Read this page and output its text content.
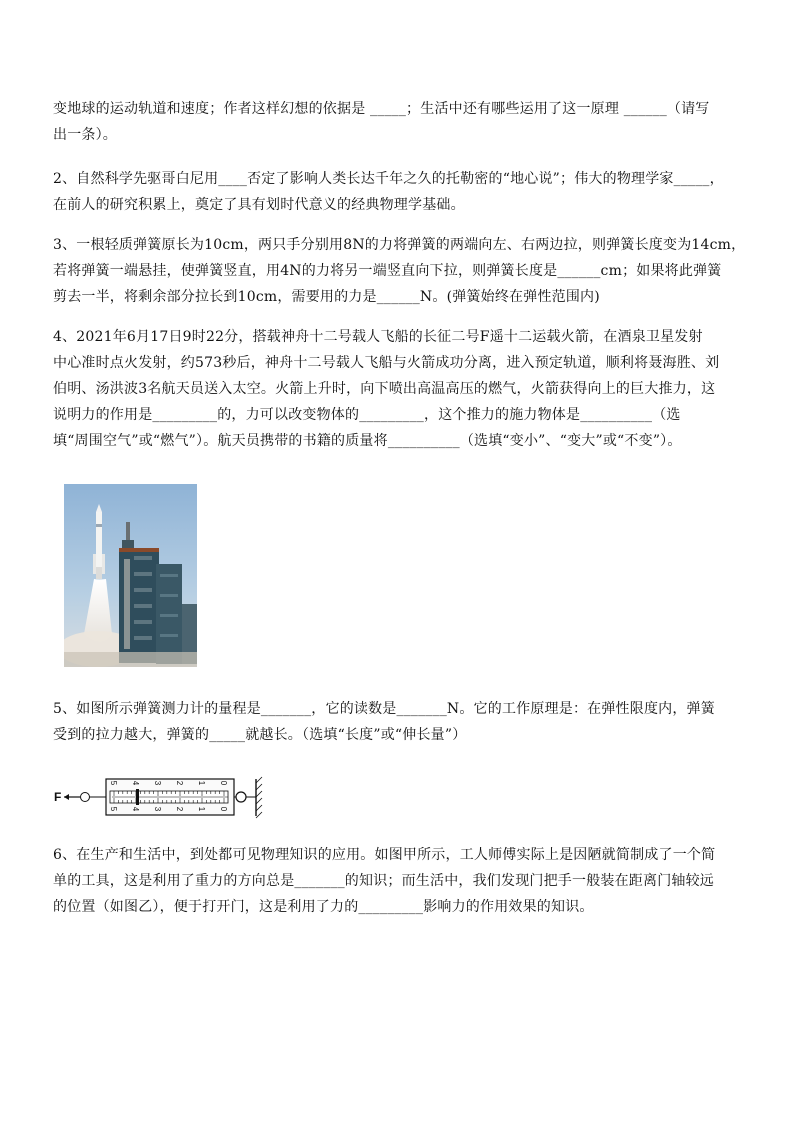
变地球的运动轨道和速度；作者这样幻想的依据是 _____；生活中还有哪些运用了这一原理 ______（请写
出一条）。
2、自然科学先驱哥白尼用____否定了影响人类长达千年之久的托勒密的“地心说”；伟大的物理学家_____，
在前人的研究积累上，奠定了具有划时代意义的经典物理学基础。
3、一根轻质弹簧原长为10cm，两只手分别用8N的力将弹簧的两端向左、右两边拉，则弹簧长度变为14cm，
若将弹簧一端悬挂，使弹簧竖直，用4N的力将另一端竖直向下拉，则弹簧长度是______cm；如果将此弹簧
剪去一半，将剩余部分拉长到10cm，需要用的力是______N。(弹簧始终在弹性范围内)
4、2021年6月17日9时22分，搭载神舟十二号载人飞船的长征二号F遥十二运载火箭，在酒泉卫星发射
中心准时点火发射，约573秒后，神舟十二号载人飞船与火箭成功分离，进入预定轨道，顺利将聂海胜、刘
伯明、汤洪波3名航天员送入太空。火箭上升时，向下喷出高温高压的燃气，火箭获得向上的巨大推力，这
说明力的作用是_________的，力可以改变物体的_________，这个推力的施力物体是__________（选
填“周围空气”或“燃气”）。航天员携带的书籍的质量将__________（选填“变小”、“变大”或“不变”）。
5、如图所示弹簧测力计的量程是_______，它的读数是_______N。它的工作原理是：在弹性限度内，弹簧
受到的拉力越大，弹簧的_____就越长。（选填“长度”或“伸长量”）
F
5
5
4
4
3
3
2
2
1
1
0
0
6、在生产和生活中，到处都可见物理知识的应用。如图甲所示，工人师傅实际上是因陋就简制成了一个简
单的工具，这是利用了重力的方向总是_______的知识；而生活中，我们发现门把手一般装在距离门轴较远
的位置（如图乙），便于打开门，这是利用了力的_________影响力的作用效果的知识。
